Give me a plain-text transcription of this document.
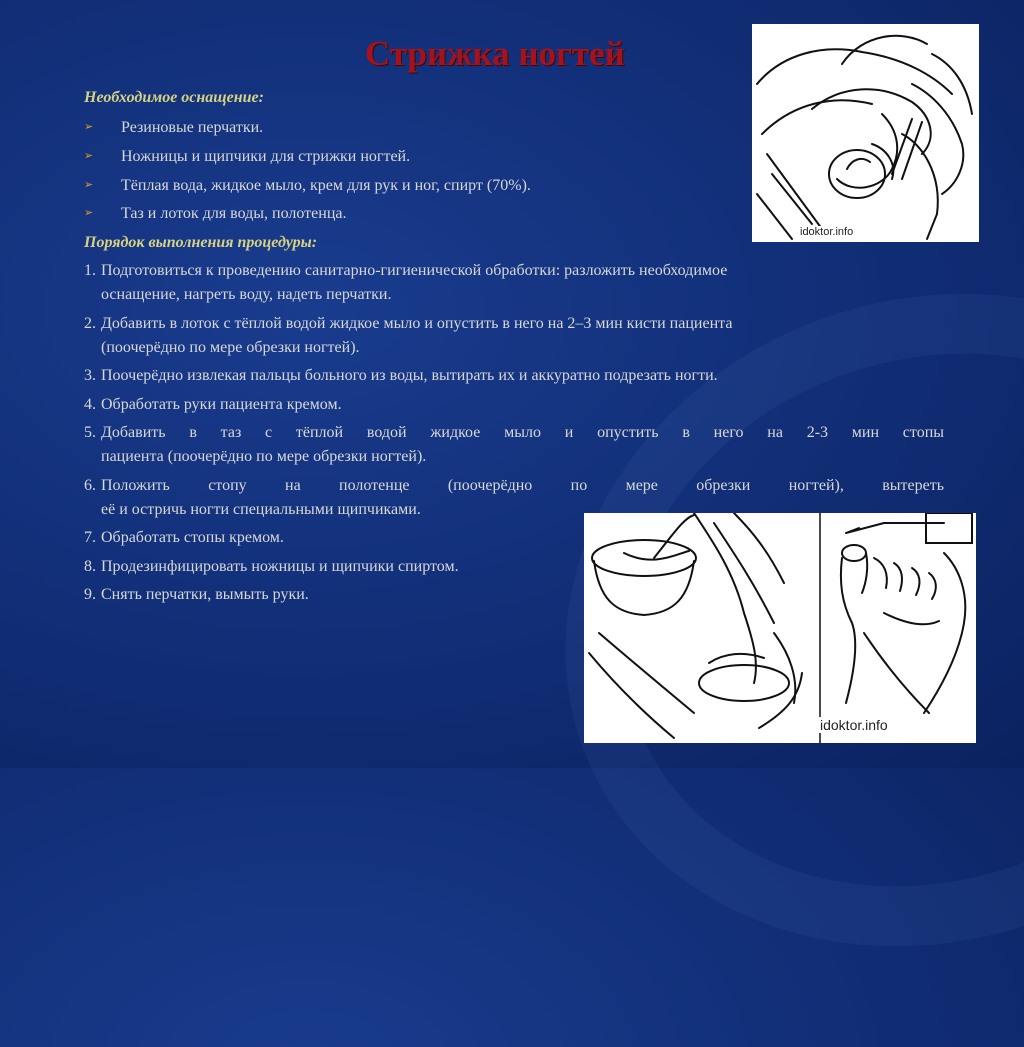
Стрижка ногтей
Необходимое оснащение:
➢ Резиновые перчатки.
➢ Ножницы и щипчики для стрижки ногтей.
➢ Тёплая вода, жидкое мыло, крем для рук и ног, спирт (70%).
➢ Таз и лоток для воды, полотенца.
Порядок выполнения процедуры:
1. Подготовиться к проведению санитарно-гигиенической обработки: разложить необходимое
оснащение, нагреть воду, надеть перчатки.
2. Добавить в лоток с тёплой водой жидкое мыло и опустить в него на 2–3 мин кисти пациента
(поочерёдно по мере обрезки ногтей).
3. Поочерёдно извлекая пальцы больного из воды, вытирать их и аккуратно подрезать ногти.
4. Обработать руки пациента кремом.
5. Добавить в таз с тёплой водой жидкое мыло и опустить в него на 2-3 мин стопы
пациента (поочерёдно по мере обрезки ногтей).
6. Положить стопу на полотенце (поочерёдно по мере обрезки ногтей), вытереть
её и остричь ногти специальными щипчиками.
7. Обработать стопы кремом.
8. Продезинфицировать ножницы и щипчики спиртом.
9. Снять перчатки, вымыть руки.
idoktor.info
idoktor.info
